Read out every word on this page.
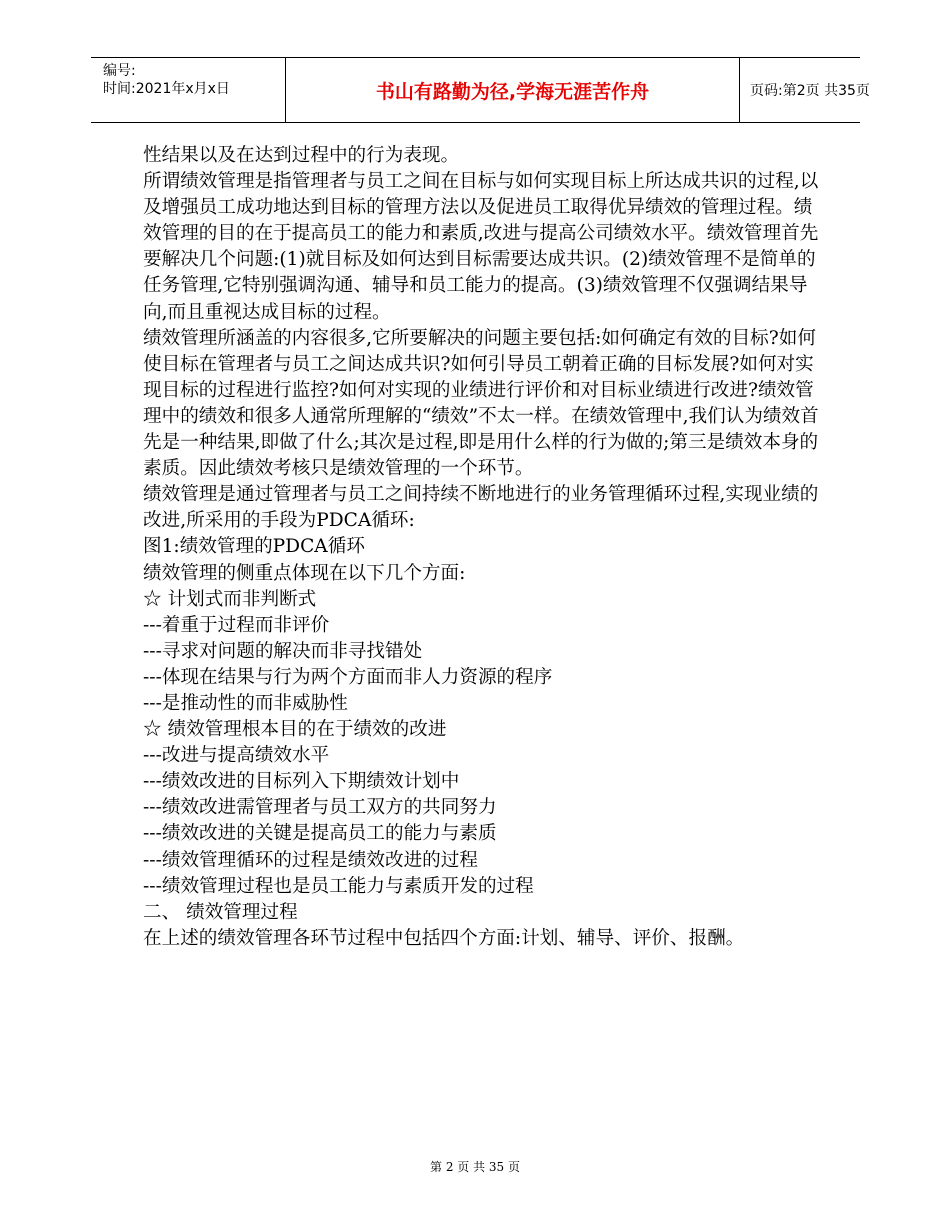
编号:
时间:2021年x月x日	书山有路勤为径,学海无涯苦作舟	页码:第2页 共35页

性结果以及在达到过程中的行为表现。

所谓绩效管理是指管理者与员工之间在目标与如何实现目标上所达成共识的过程,以及增强员工成功地达到目标的管理方法以及促进员工取得优异绩效的管理过程。绩效管理的目的在于提高员工的能力和素质,改进与提高公司绩效水平。绩效管理首先要解决几个问题:(1)就目标及如何达到目标需要达成共识。(2)绩效管理不是简单的任务管理,它特别强调沟通、辅导和员工能力的提高。(3)绩效管理不仅强调结果导向,而且重视达成目标的过程。

绩效管理所涵盖的内容很多,它所要解决的问题主要包括:如何确定有效的目标?如何使目标在管理者与员工之间达成共识?如何引导员工朝着正确的目标发展?如何对实现目标的过程进行监控?如何对实现的业绩进行评价和对目标业绩进行改进?绩效管理中的绩效和很多人通常所理解的“绩效”不太一样。在绩效管理中,我们认为绩效首先是一种结果,即做了什么;其次是过程,即是用什么样的行为做的;第三是绩效本身的素质。因此绩效考核只是绩效管理的一个环节。

绩效管理是通过管理者与员工之间持续不断地进行的业务管理循环过程,实现业绩的改进,所采用的手段为PDCA循环:

图1:绩效管理的PDCA循环

绩效管理的侧重点体现在以下几个方面:

☆ 计划式而非判断式

---着重于过程而非评价

---寻求对问题的解决而非寻找错处

---体现在结果与行为两个方面而非人力资源的程序

---是推动性的而非威胁性

☆ 绩效管理根本目的在于绩效的改进

---改进与提高绩效水平

---绩效改进的目标列入下期绩效计划中

---绩效改进需管理者与员工双方的共同努力

---绩效改进的关键是提高员工的能力与素质

---绩效管理循环的过程是绩效改进的过程

---绩效管理过程也是员工能力与素质开发的过程

二、 绩效管理过程

在上述的绩效管理各环节过程中包括四个方面:计划、辅导、评价、报酬。

第 2 页 共 35 页
